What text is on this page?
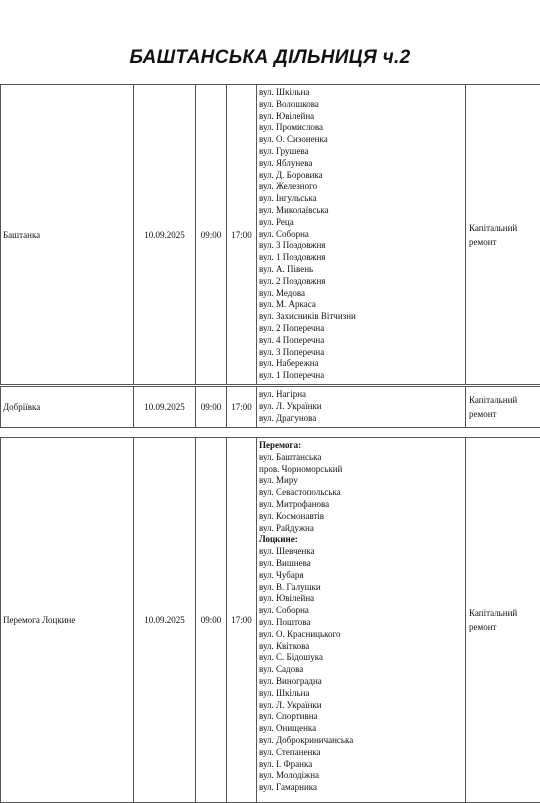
БАШТАНСЬКА ДІЛЬНИЦЯ ч.2
Баштанка	10.09.2025	09:00	17:00	
вул. Шкільна
вул. Волошкова
вул. Ювілейна
вул. Промислова
вул. О. Сизоненка
вул. Грушева
вул. Яблунева
вул. Д. Боровика
вул. Железного
вул. Інгульська
вул. Миколаївська
вул. Реца
вул. Соборна
вул. 3 Поздовжня
вул. 1 Поздовжня
вул. А. Півень
вул. 2 Поздовжня
вул. Медова
вул. М. Аркаса
вул. Захисників Вітчизни
вул. 2 Поперечна
вул. 4 Поперечна
вул. 3 Поперечна
вул. Набережна
вул. 1 Поперечна
	Капітальний ремонт
Добріївка	10.09.2025	09:00	17:00	
вул. Нагірна
вул. Л. Українки
вул. Драгунова
	Капітальний ремонт
Перемога Лоцкине	10.09.2025	09:00	17:00	
Перемога:
вул. Баштанська
пров. Чорноморський
вул. Миру
вул. Севастопольська
вул. Митрофанова
вул. Космонавтів
вул. Райдужна
Лоцкине:
вул. Шевченка
вул. Вишнева
вул. Чубаря
вул. В. Галушки
вул. Ювілейна
вул. Соборна
вул. Поштова
вул. О. Красницького
вул. Квіткова
вул. С. Бідошука
вул. Садова
вул. Виноградна
вул. Шкільна
вул. Л. Українки
вул. Спортивна
вул. Онищенка
вул. Доброкриничанська
вул. Степаненка
вул. І. Франка
вул. Молодіжна
вул. Гамарника
	Капітальний ремонт
